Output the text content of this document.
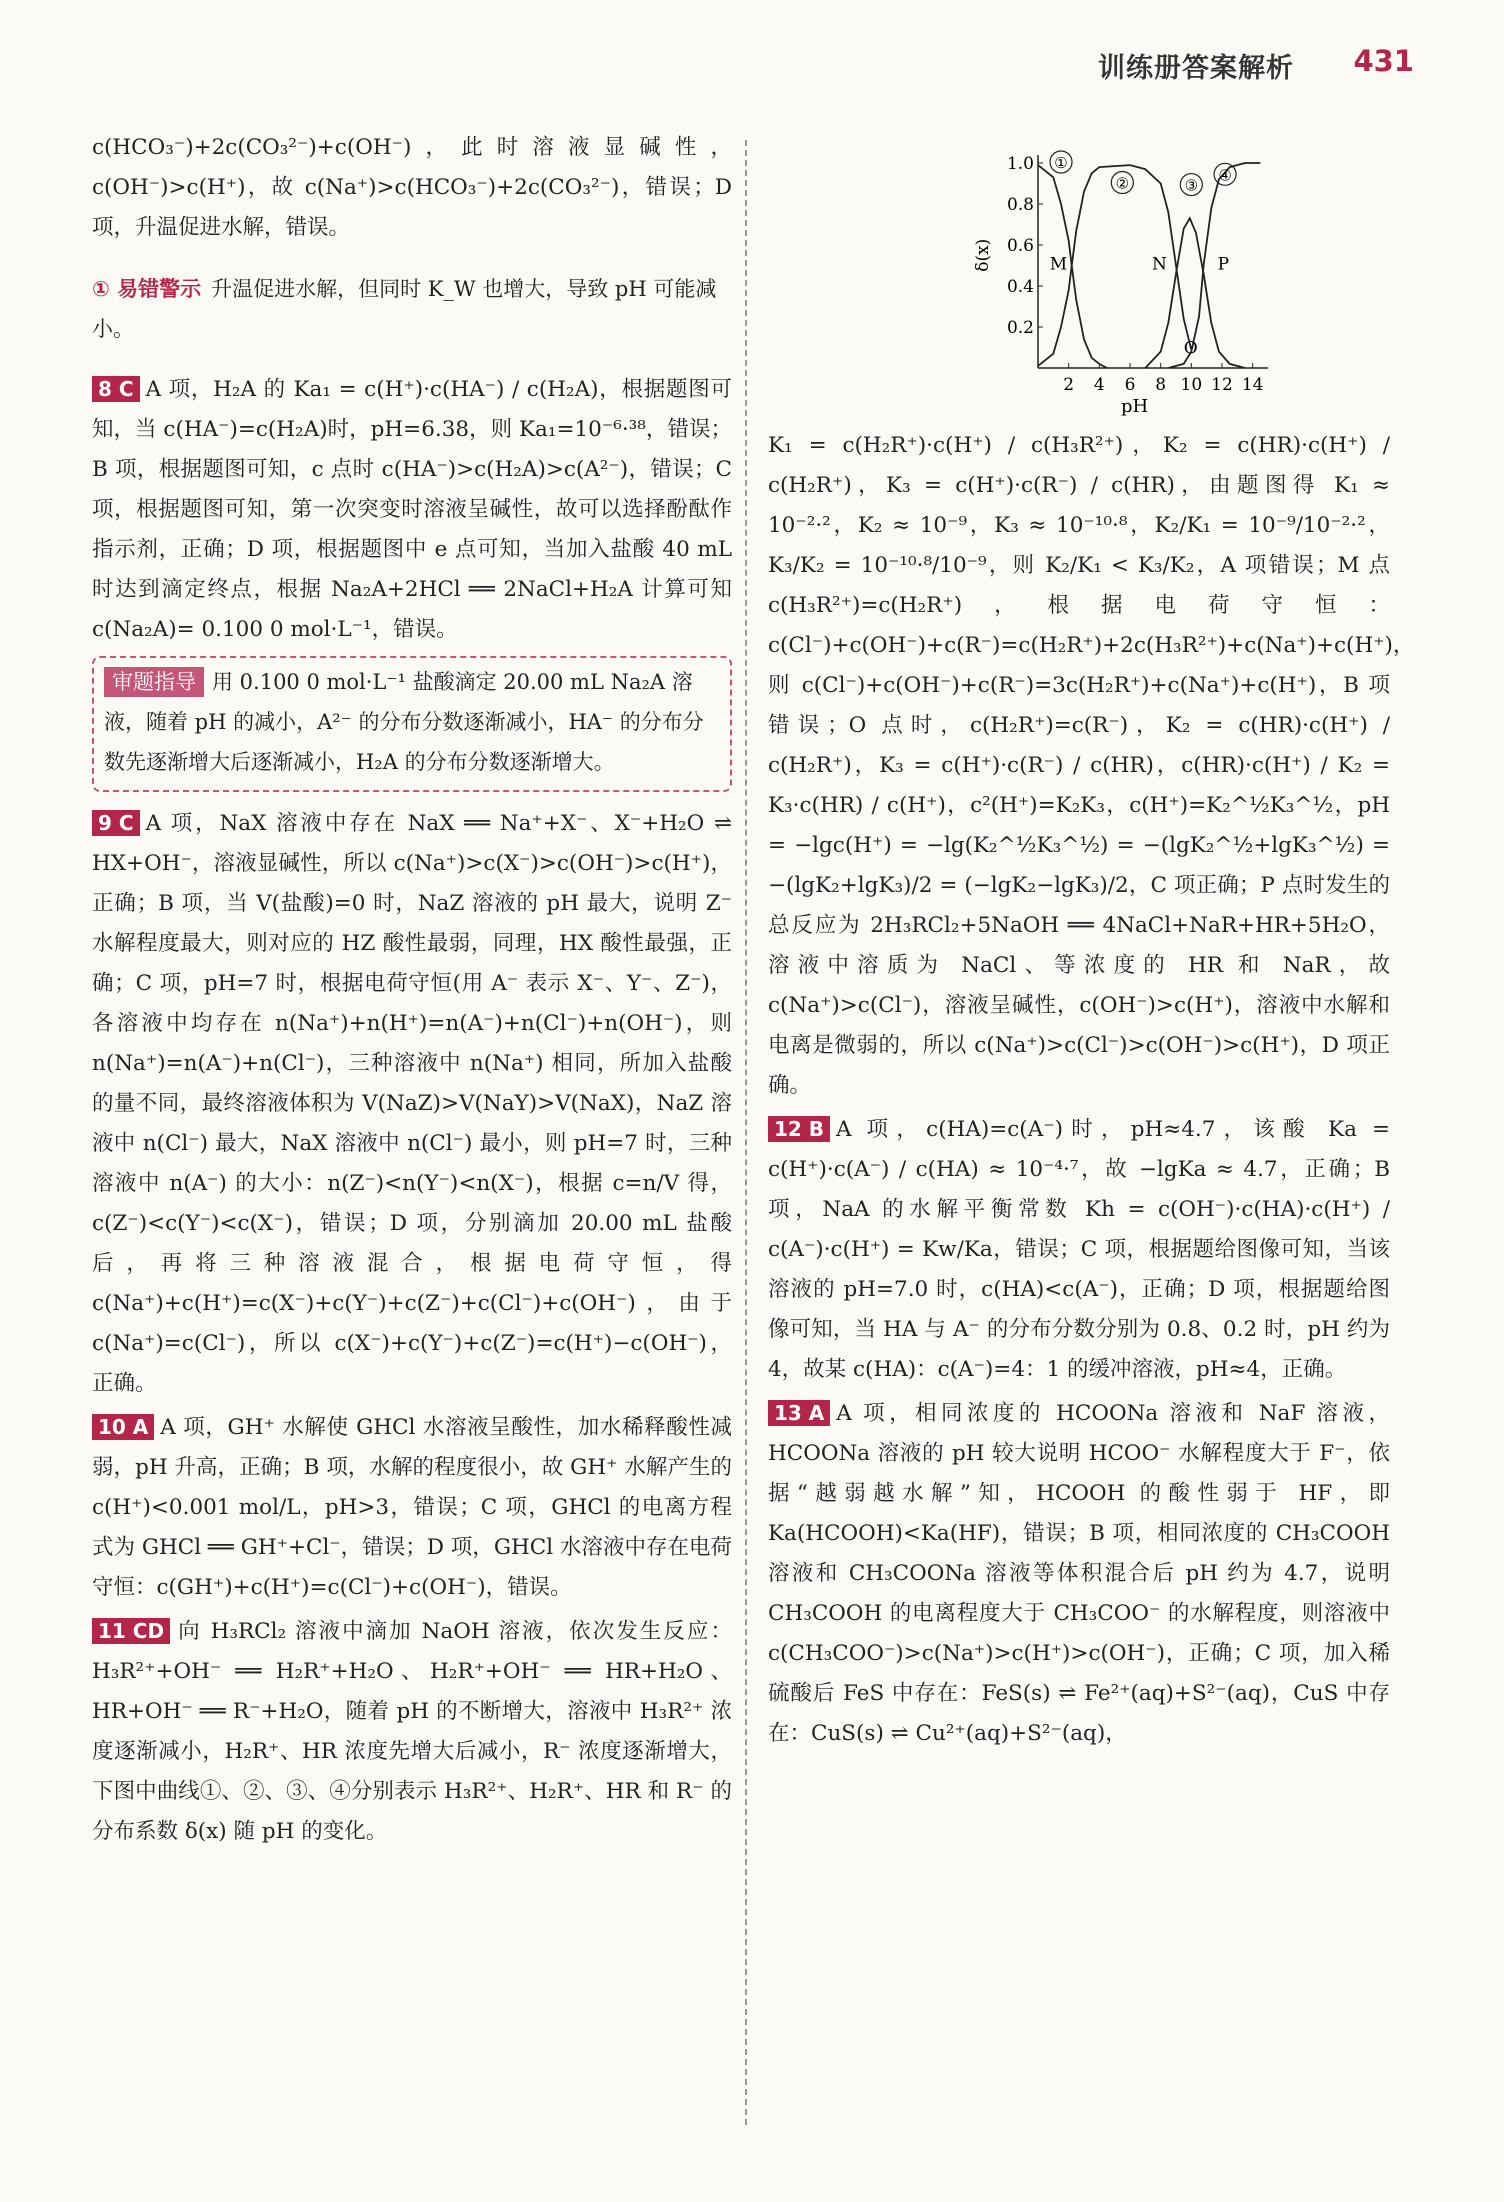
训练册答案解析 431

c(HCO₃⁻)+2c(CO₃²⁻)+c(OH⁻)，此时溶液显碱性，c(OH⁻)>c(H⁺)，故 c(Na⁺)>c(HCO₃⁻)+2c(CO₃²⁻)，错误；D 项，升温促进水解，错误。

① 易错警示 升温促进水解，但同时 K_W 也增大，导致 pH 可能减小。

8 C A 项，H₂A 的 Ka₁ = c(H⁺)·c(HA⁻) / c(H₂A)，根据题图可知，当 c(HA⁻)=c(H₂A)时，pH=6.38，则 Ka₁=10⁻⁶·³⁸，错误；B 项，根据题图可知，c 点时 c(HA⁻)>c(H₂A)>c(A²⁻)，错误；C 项，根据题图可知，第一次突变时溶液呈碱性，故可以选择酚酞作指示剂，正确；D 项，根据题图中 e 点可知，当加入盐酸 40 mL 时达到滴定终点，根据 Na₂A+2HCl ══ 2NaCl+H₂A 计算可知 c(Na₂A)= 0.100 0 mol·L⁻¹，错误。

审题指导 用 0.100 0 mol·L⁻¹ 盐酸滴定 20.00 mL Na₂A 溶液，随着 pH 的减小，A²⁻ 的分布分数逐渐减小，HA⁻ 的分布分数先逐渐增大后逐渐减小，H₂A 的分布分数逐渐增大。

9 C A 项，NaX 溶液中存在 NaX ══ Na⁺+X⁻、X⁻+H₂O ⇌ HX+OH⁻，溶液显碱性，所以 c(Na⁺)>c(X⁻)>c(OH⁻)>c(H⁺)，正确；B 项，当 V(盐酸)=0 时，NaZ 溶液的 pH 最大，说明 Z⁻ 水解程度最大，则对应的 HZ 酸性最弱，同理，HX 酸性最强，正确；C 项，pH=7 时，根据电荷守恒(用 A⁻ 表示 X⁻、Y⁻、Z⁻)，各溶液中均存在 n(Na⁺)+n(H⁺)=n(A⁻)+n(Cl⁻)+n(OH⁻)，则 n(Na⁺)=n(A⁻)+n(Cl⁻)，三种溶液中 n(Na⁺) 相同，所加入盐酸的量不同，最终溶液体积为 V(NaZ)>V(NaY)>V(NaX)，NaZ 溶液中 n(Cl⁻) 最大，NaX 溶液中 n(Cl⁻) 最小，则 pH=7 时，三种溶液中 n(A⁻) 的大小：n(Z⁻)<n(Y⁻)<n(X⁻)，根据 c=n/V 得，c(Z⁻)<c(Y⁻)<c(X⁻)，错误；D 项，分别滴加 20.00 mL 盐酸后，再将三种溶液混合，根据电荷守恒，得 c(Na⁺)+c(H⁺)=c(X⁻)+c(Y⁻)+c(Z⁻)+c(Cl⁻)+c(OH⁻)，由于 c(Na⁺)=c(Cl⁻)，所以 c(X⁻)+c(Y⁻)+c(Z⁻)=c(H⁺)−c(OH⁻)，正确。

10 A A 项，GH⁺ 水解使 GHCl 水溶液呈酸性，加水稀释酸性减弱，pH 升高，正确；B 项，水解的程度很小，故 GH⁺ 水解产生的 c(H⁺)<0.001 mol/L，pH>3，错误；C 项，GHCl 的电离方程式为 GHCl ══ GH⁺+Cl⁻，错误；D 项，GHCl 水溶液中存在电荷守恒：c(GH⁺)+c(H⁺)=c(Cl⁻)+c(OH⁻)，错误。

11 CD 向 H₃RCl₂ 溶液中滴加 NaOH 溶液，依次发生反应：H₃R²⁺+OH⁻ ══ H₂R⁺+H₂O、H₂R⁺+OH⁻ ══ HR+H₂O、HR+OH⁻ ══ R⁻+H₂O，随着 pH 的不断增大，溶液中 H₃R²⁺ 浓度逐渐减小，H₂R⁺、HR 浓度先增大后减小，R⁻ 浓度逐渐增大，下图中曲线①、②、③、④分别表示 H₃R²⁺、H₂R⁺、HR 和 R⁻ 的分布系数 δ(x) 随 pH 的变化。

0.2
0.4
0.6
0.8
1.0
2 4 6 8 10 12 14
pH
δ(x)
①
②	③
④
M	N
O
P

K₁ = c(H₂R⁺)·c(H⁺) / c(H₃R²⁺)，K₂ = c(HR)·c(H⁺) / c(H₂R⁺)，K₃ = c(H⁺)·c(R⁻) / c(HR)，由题图得 K₁ ≈ 10⁻²·²，K₂ ≈ 10⁻⁹，K₃ ≈ 10⁻¹⁰·⁸，K₂/K₁ = 10⁻⁹/10⁻²·²，K₃/K₂ = 10⁻¹⁰·⁸/10⁻⁹，则 K₂/K₁ < K₃/K₂，A 项错误；M 点 c(H₃R²⁺)=c(H₂R⁺)，根据电荷守恒：c(Cl⁻)+c(OH⁻)+c(R⁻)=c(H₂R⁺)+2c(H₃R²⁺)+c(Na⁺)+c(H⁺)，则 c(Cl⁻)+c(OH⁻)+c(R⁻)=3c(H₂R⁺)+c(Na⁺)+c(H⁺)，B 项错误；O 点时，c(H₂R⁺)=c(R⁻)，K₂ = c(HR)·c(H⁺) / c(H₂R⁺)，K₃ = c(H⁺)·c(R⁻) / c(HR)，c(HR)·c(H⁺) / K₂ = K₃·c(HR) / c(H⁺)，c²(H⁺)=K₂K₃，c(H⁺)=K₂^½K₃^½，pH = −lgc(H⁺) = −lg(K₂^½K₃^½) = −(lgK₂^½+lgK₃^½) = −(lgK₂+lgK₃)/2 = (−lgK₂−lgK₃)/2，C 项正确；P 点时发生的总反应为 2H₃RCl₂+5NaOH ══ 4NaCl+NaR+HR+5H₂O，溶液中溶质为 NaCl、等浓度的 HR 和 NaR，故 c(Na⁺)>c(Cl⁻)，溶液呈碱性，c(OH⁻)>c(H⁺)，溶液中水解和电离是微弱的，所以 c(Na⁺)>c(Cl⁻)>c(OH⁻)>c(H⁺)，D 项正确。

12 B A 项，c(HA)=c(A⁻)时，pH≈4.7，该酸 Ka = c(H⁺)·c(A⁻) / c(HA) ≈ 10⁻⁴·⁷，故 −lgKa ≈ 4.7，正确；B 项，NaA 的水解平衡常数 Kh = c(OH⁻)·c(HA)·c(H⁺) / c(A⁻)·c(H⁺) = Kw/Ka，错误；C 项，根据题给图像可知，当该溶液的 pH=7.0 时，c(HA)<c(A⁻)，正确；D 项，根据题给图像可知，当 HA 与 A⁻ 的分布分数分别为 0.8、0.2 时，pH 约为 4，故某 c(HA)：c(A⁻)=4：1 的缓冲溶液，pH≈4，正确。

13 A A 项，相同浓度的 HCOONa 溶液和 NaF 溶液，HCOONa 溶液的 pH 较大说明 HCOO⁻ 水解程度大于 F⁻，依据“越弱越水解”知，HCOOH 的酸性弱于 HF，即 Ka(HCOOH)<Ka(HF)，错误；B 项，相同浓度的 CH₃COOH 溶液和 CH₃COONa 溶液等体积混合后 pH 约为 4.7，说明 CH₃COOH 的电离程度大于 CH₃COO⁻ 的水解程度，则溶液中 c(CH₃COO⁻)>c(Na⁺)>c(H⁺)>c(OH⁻)，正确；C 项，加入稀硫酸后 FeS 中存在：FeS(s) ⇌ Fe²⁺(aq)+S²⁻(aq)，CuS 中存在：CuS(s) ⇌ Cu²⁺(aq)+S²⁻(aq)，
